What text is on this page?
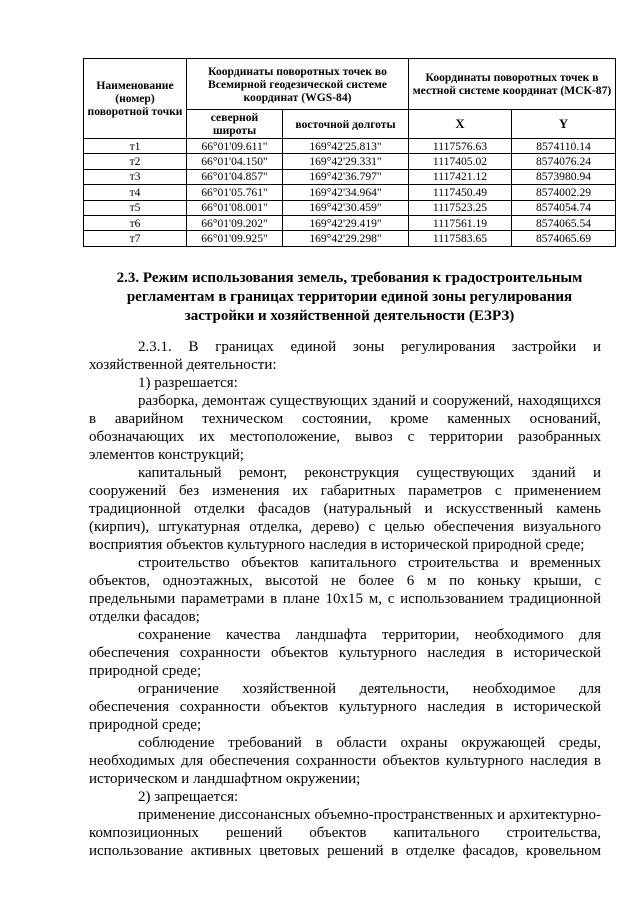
Наименование (номер) поворотной точки	Координаты поворотных точек во Всемирной геодезической системе координат (WGS-84)		Координаты поворотных точек в местной системе координат (МСК-87)	
	северной широты	восточной долготы	X	Y
т1	66°01'09.611"	169°42'25.813"	1117576.63	8574110.14
т2	66°01'04.150"	169°42'29.331"	1117405.02	8574076.24
т3	66°01'04.857"	169°42'36.797"	1117421.12	8573980.94
т4	66°01'05.761"	169°42'34.964"	1117450.49	8574002.29
т5	66°01'08.001"	169°42'30.459"	1117523.25	8574054.74
т6	66°01'09.202"	169°42'29.419"	1117561.19	8574065.54
т7	66°01'09.925"	169°42'29.298"	1117583.65	8574065.69
2.3. Режим использования земель, требования к градостроительным
регламентам в границах территории единой зоны регулирования
застройки и хозяйственной деятельности (ЕЗРЗ)
2.3.1. В границах единой зоны регулирования застройки и
хозяйственной деятельности:
1) разрешается:
разборка, демонтаж существующих зданий и сооружений, находящихся
в аварийном техническом состоянии, кроме каменных оснований,
обозначающих их местоположение, вывоз с территории разобранных
элементов конструкций;
капитальный ремонт, реконструкция существующих зданий и
сооружений без изменения их габаритных параметров с применением
традиционной отделки фасадов (натуральный и искусственный камень
(кирпич), штукатурная отделка, дерево) с целью обеспечения визуального
восприятия объектов культурного наследия в исторической природной среде;
строительство объектов капитального строительства и временных
объектов, одноэтажных, высотой не более 6 м по коньку крыши, с
предельными параметрами в плане 10х15 м, с использованием традиционной
отделки фасадов;
сохранение качества ландшафта территории, необходимого для
обеспечения сохранности объектов культурного наследия в исторической
природной среде;
ограничение хозяйственной деятельности, необходимое для
обеспечения сохранности объектов культурного наследия в исторической
природной среде;
соблюдение требований в области охраны окружающей среды,
необходимых для обеспечения сохранности объектов культурного наследия в
историческом и ландшафтном окружении;
2) запрещается:
применение диссонансных объемно-пространственных и архитектурно-
композиционных решений объектов капитального строительства,
использование активных цветовых решений в отделке фасадов, кровельном
